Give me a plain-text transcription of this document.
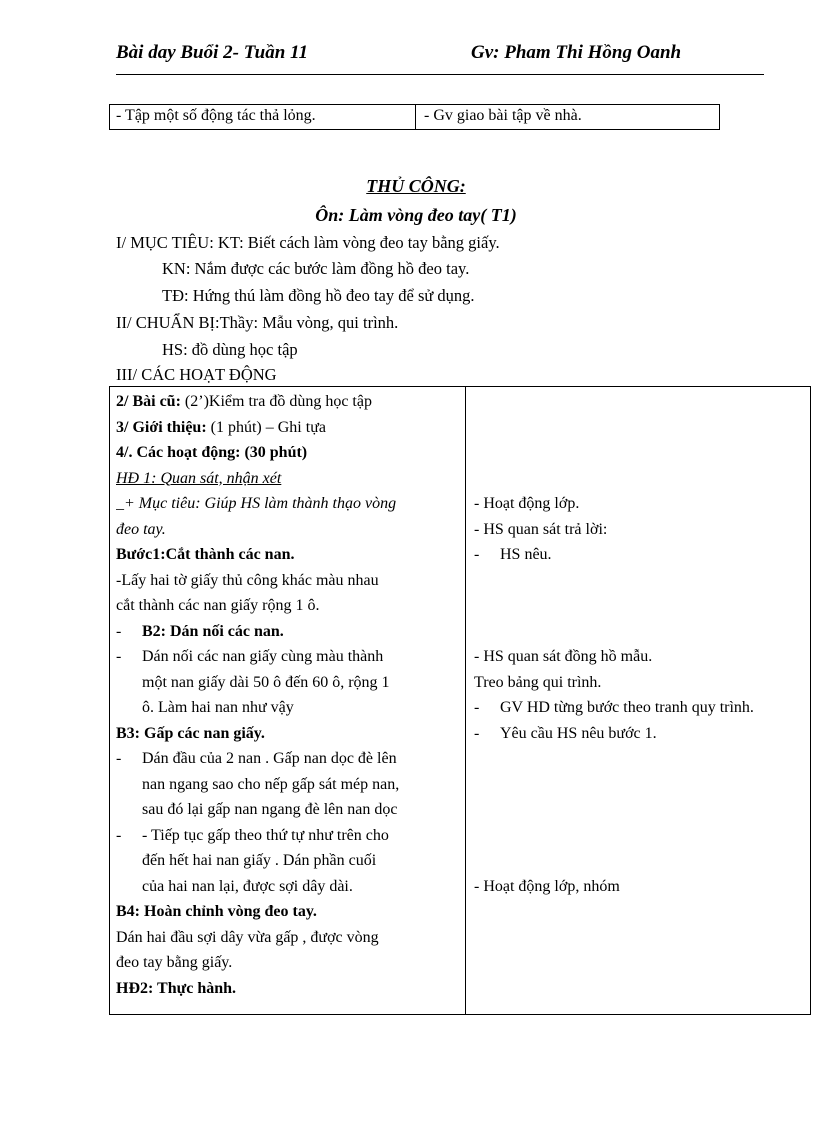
Bài day Buổi 2- Tuần 11	Gv: Pham Thi Hồng Oanh
- Tập một số động tác thả lỏng.	- Gv giao bài tập về nhà.
THỦ CÔNG:
Ôn: Làm vòng đeo tay( T1)
I/ MỤC TIÊU: KT: Biết cách làm vòng đeo tay bằng giấy.
KN: Nắm được các bước làm đồng hồ đeo tay.
TĐ: Hứng thú làm đồng hồ đeo tay để sử dụng.
II/ CHUẨN BỊ:Thầy: Mẫu vòng, qui trình.
HS: đồ dùng học tập
III/ CÁC HOẠT ĐỘNG
2/ Bài cũ: (2’)Kiểm tra đồ dùng học tập
3/ Giới thiệu: (1 phút) – Ghi tựa
4/. Các hoạt động: (30 phút)
HĐ 1: Quan sát, nhận xét
_+ Mục tiêu: Giúp HS làm thành thạo vòng
đeo tay.
Bước1:Cắt thành các nan.
-Lấy hai tờ giấy thủ công khác màu nhau
cắt thành các nan giấy rộng 1 ô.
- B2: Dán nối các nan.
- Dán nối các nan giấy cùng màu thành
một nan giấy dài 50 ô đến 60 ô, rộng 1
ô. Làm hai nan như vậy
B3: Gấp các nan giấy.
- Dán đầu của 2 nan . Gấp nan dọc đè lên
nan ngang sao cho nếp gấp sát mép nan,
sau đó lại gấp nan ngang đè lên nan dọc
- - Tiếp tục gấp theo thứ tự như trên cho
đến hết hai nan giấy . Dán phần cuối
của hai nan lại, được sợi dây dài.
B4: Hoàn chỉnh vòng đeo tay.
Dán hai đầu sợi dây vừa gấp , được vòng
đeo tay bằng giấy.
HĐ2: Thực hành.
- Hoạt động lớp.
- HS quan sát trả lời:
- HS nêu.
- HS quan sát đồng hồ mẫu.
Treo bảng qui trình.
- GV HD từng bước theo tranh quy trình.
- Yêu cầu HS nêu bước 1.
- Hoạt động lớp, nhóm
